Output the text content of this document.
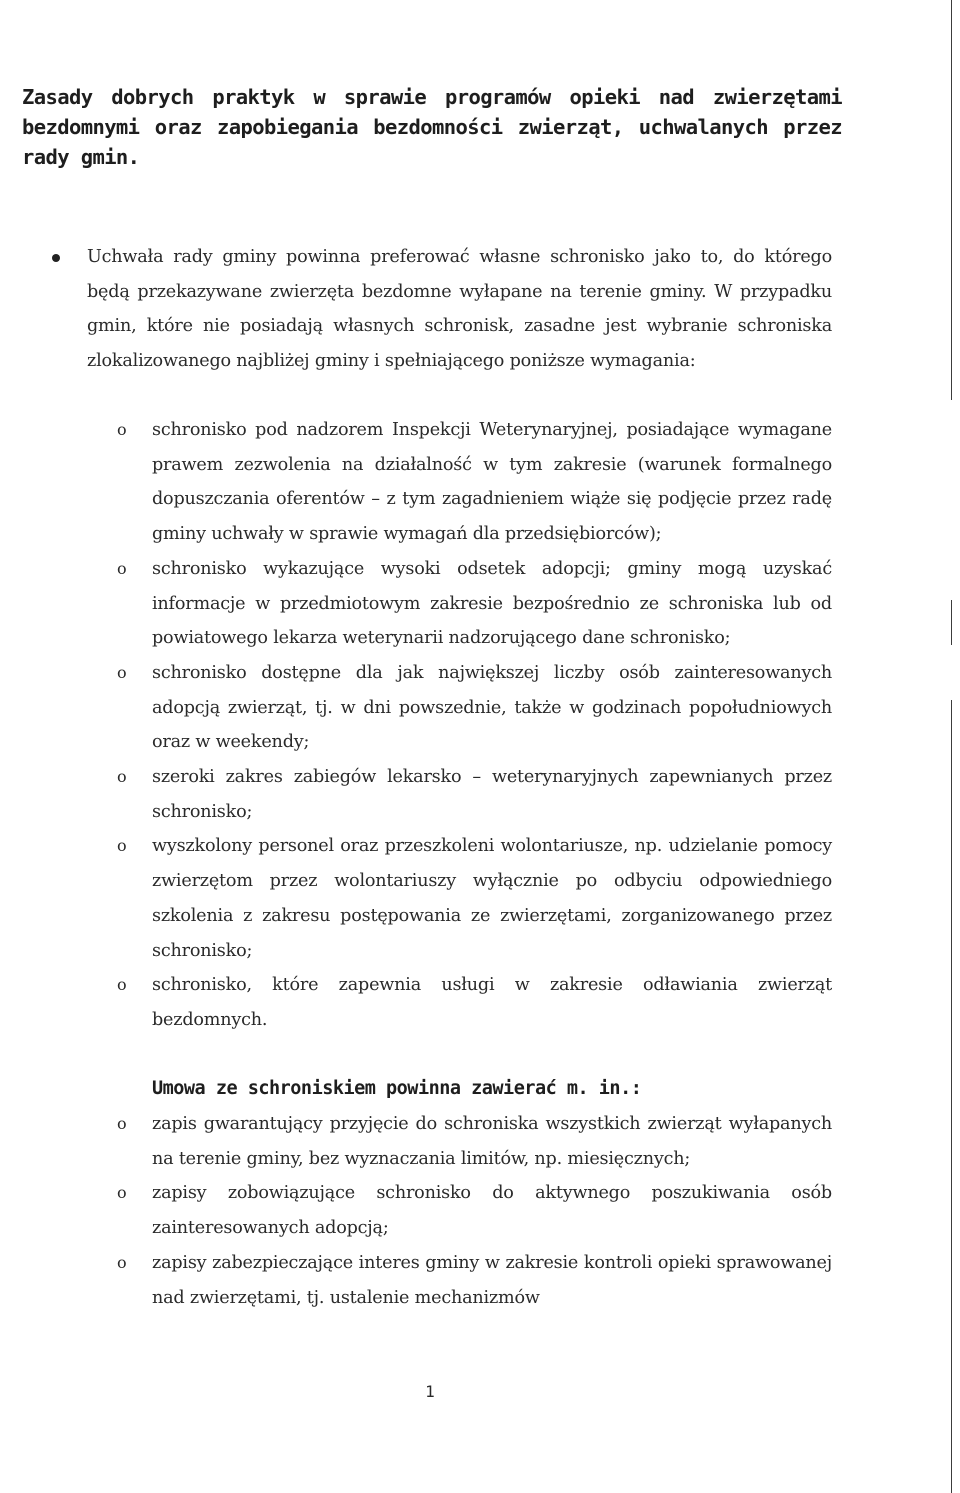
Zasady dobrych praktyk w sprawie programów opieki nad zwierzętami bezdomnymi oraz zapobiegania bezdomności zwierząt, uchwalanych przez rady gmin.

Uchwała rady gminy powinna preferować własne schronisko jako to, do którego będą przekazywane zwierzęta bezdomne wyłapane na terenie gminy. W przypadku gmin, które nie posiadają własnych schronisk, zasadne jest wybranie schroniska zlokalizowanego najbliżej gminy i spełniającego poniższe wymagania:

o schronisko pod nadzorem Inspekcji Weterynaryjnej, posiadające wymagane prawem zezwolenia na działalność w tym zakresie (warunek formalnego dopuszczania oferentów – z tym zagadnieniem wiąże się podjęcie przez radę gminy uchwały w sprawie wymagań dla przedsiębiorców);
o schronisko wykazujące wysoki odsetek adopcji; gminy mogą uzyskać informacje w przedmiotowym zakresie bezpośrednio ze schroniska lub od powiatowego lekarza weterynarii nadzorującego dane schronisko;
o schronisko dostępne dla jak największej liczby osób zainteresowanych adopcją zwierząt, tj. w dni powszednie, także w godzinach popołudniowych oraz w weekendy;
o szeroki zakres zabiegów lekarsko – weterynaryjnych zapewnianych przez schronisko;
o wyszkolony personel oraz przeszkoleni wolontariusze, np. udzielanie pomocy zwierzętom przez wolontariuszy wyłącznie po odbyciu odpowiedniego szkolenia z zakresu postępowania ze zwierzętami, zorganizowanego przez schronisko;
o schronisko, które zapewnia usługi w zakresie odławiania zwierząt bezdomnych.
Umowa ze schroniskiem powinna zawierać m. in.:
o zapis gwarantujący przyjęcie do schroniska wszystkich zwierząt wyłapanych na terenie gminy, bez wyznaczania limitów, np. miesięcznych;
o zapisy zobowiązujące schronisko do aktywnego poszukiwania osób zainteresowanych adopcją;
o zapisy zabezpieczające interes gminy w zakresie kontroli opieki sprawowanej nad zwierzętami, tj. ustalenie mechanizmów
1
